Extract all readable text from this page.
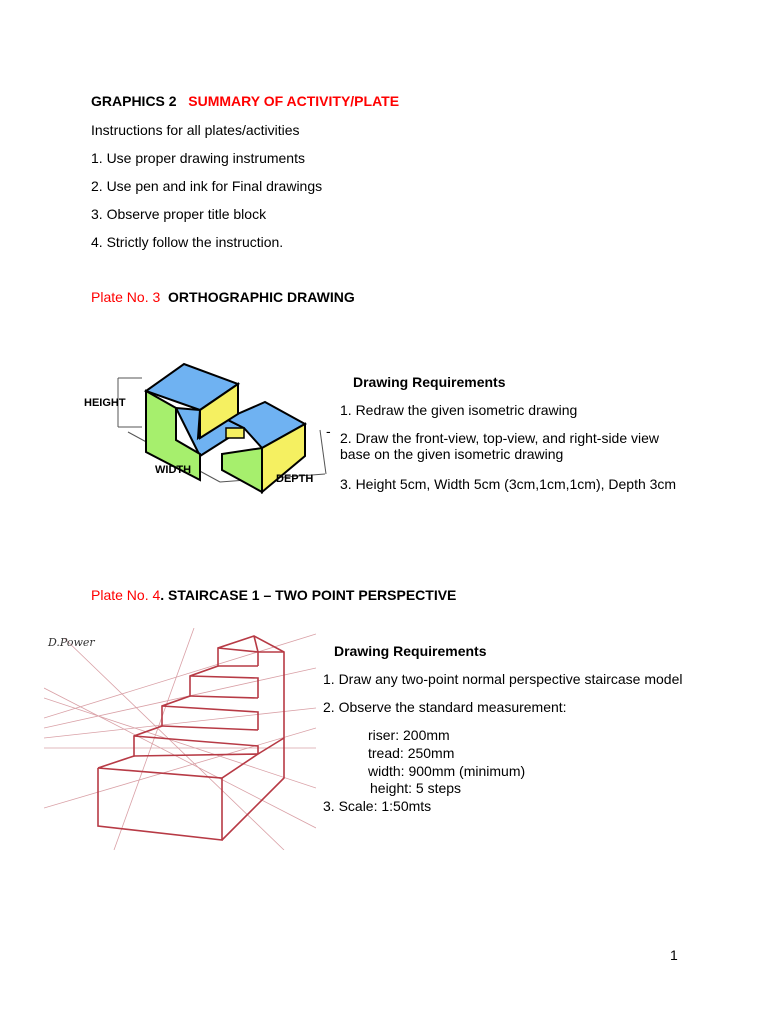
GRAPHICS 2 SUMMARY OF ACTIVITY/PLATE
Instructions for all plates/activities
1. Use proper drawing instruments
2. Use pen and ink for Final drawings
3. Observe proper title block
4. Strictly follow the instruction.
Plate No. 3 ORTHOGRAPHIC DRAWING
HEIGHT
WIDTH
DEPTH
Drawing Requirements
1. Redraw the given isometric drawing
- 2. Draw the front-view, top-view, and right-side view
base on the given isometric drawing
3. Height 5cm, Width 5cm (3cm,1cm,1cm), Depth 3cm
Plate No. 4. STAIRCASE 1 – TWO POINT PERSPECTIVE
D.Power
Drawing Requirements
1. Draw any two-point normal perspective staircase model
2. Observe the standard measurement:
riser: 200mm
tread: 250mm
width: 900mm (minimum)
height: 5 steps
3. Scale: 1:50mts
1
